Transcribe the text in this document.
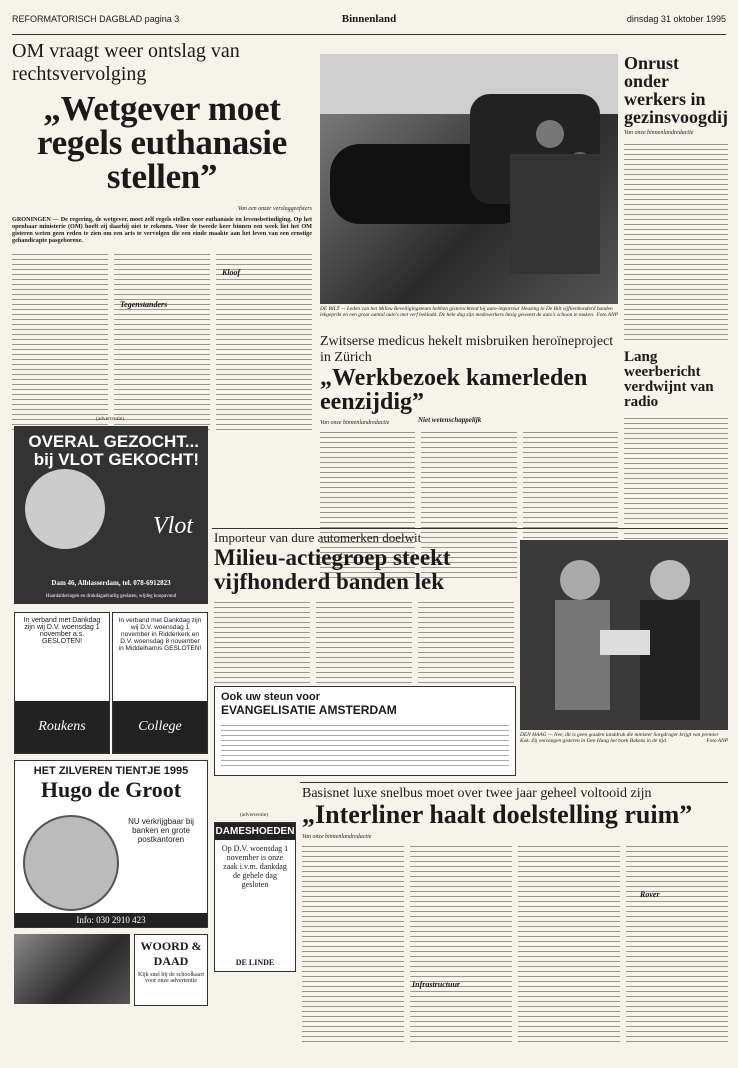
REFORMATORISCH DAGBLAD pagina 3	Binnenland	dinsdag 31 oktober 1995
OM vraagt weer ontslag van rechtsvervolging
„Wetgever moet regels euthanasie stellen”
Van een onzer verslaggeefsters
GRONINGEN — De regering, de wetgever, moet zelf regels stellen voor euthanasie en levensbeëindiging. Op het openbaar ministerie (OM) hoeft zij daarbij niet te rekenen. Voor de tweede keer binnen een week liet het OM gisteren weten geen reden te zien om een arts te vervolgen die een einde maakte aan het leven van een ernstige gehandicapte pasgeborene.
Tegenstanders
Kloof
DE BILT — Leden van het Milieu Beveiligingsteam hebben gisterochtend bij auto-importeur Heuzing in De Bilt vijftienhonderd banden lekgeprikt en een groot aantal auto's met verf bekladd. De hele dag zijn medewerkers bezig geweest de auto's schoon te maken. Foto ANP
Zwitserse medicus hekelt misbruiken heroïneproject in Zürich
„Werkbezoek kamerleden eenzijdig”
Van onze binnenlandredactie	Niet wetenschappelijk
Onrust onder werkers in gezinsvoogdij
Van onze binnenlandredactie
Lang weerbericht verdwijnt van radio
Importeur van dure automerken doelwit
Milieu-actiegroep steekt vijfhonderd banden lek
DEN HAAG — Nee, dit is geen gouden landdruk die minister Sorgdrager krijgt van premier Kok. Zij ontvangen gisteren in Den Haag het boek Bakens in de tijd.	Foto ANP
Ook uw steun voor
EVANGELISATIE AMSTERDAM
Basisnet luxe snelbus moet over twee jaar geheel voltooid zijn
„Interliner haalt doelstelling ruim”
Van onze binnenlandredactie
Infrastructuur
Rover
(advertentie)
OVERAL GEZOCHT... bij VLOT GEKOCHT!
Vlot
Dam 46, Alblasserdam, tel. 078-6912823
Haardalderingen en drukdagadvatlig geslaten, wijdeg koopavond
In verband met Dankdag zijn wij D.V. woensdag 1 november a.s. GESLOTEN!
Roukens
In verband met Dankdag zijn wij D.V. woensdag 1 november in Ridderkerk en D.V. woensdag 8 november in Middelharnis GESLOTEN!
College
HET ZILVEREN TIENTJE 1995
Hugo de Groot
NU verkrijgbaar bij banken en grote postkantoren
Info: 030 2910 423
(advertentie)
DAMESHOEDEN
Op D.V. woensdag 1 november is onze zaak i.v.m. dankdag de gehele dag gesloten
DE LINDE
WOORD & DAAD
Kijk snel bij de schoolkaart voor onze advertentie
